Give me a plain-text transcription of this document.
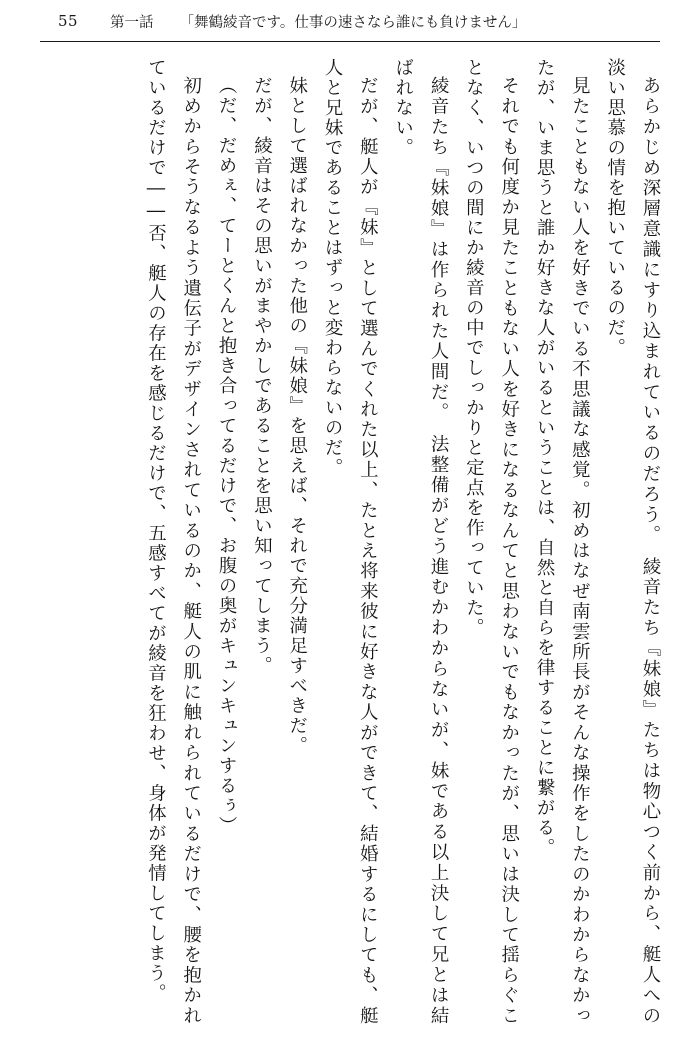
55	第一話 「舞鶴綾音です。仕事の速さなら誰にも負けません」

あらかじめ深層意識にすり込まれているのだろう。　綾音たち『妹娘』たちは物心つく前から、艇人への淡い思慕の情を抱いているのだ。

見たこともない人を好きでいる不思議な感覚。初めはなぜ南雲所長がそんな操作をしたのかわからなかったが、いま思うと誰か好きな人がいるということは、自然と自らを律することに繋がる。

それでも何度か見たこともない人を好きになるなんてと思わないでもなかったが、思いは決して揺らぐことなく、いつの間にか綾音の中でしっかりと定点を作っていた。

綾音たち『妹娘』は作られた人間だ。　法整備がどう進むかわからないが、妹である以上決して兄とは結ばれない。

だが、艇人が『妹』として選んでくれた以上、たとえ将来彼に好きな人ができて、結婚するにしても、艇人と兄妹であることはずっと変わらないのだ。

妹として選ばれなかった他の『妹娘』を思えば、それで充分満足すべきだ。

だが、綾音はその思いがまやかしであることを思い知ってしまう。

（だ、だめぇ、てーとくんと抱き合ってるだけで、お腹の奥がキュンキュンするぅ）

初めからそうなるよう遺伝子がデザインされているのか、艇人の肌に触れられているだけで、腰を抱かれているだけで――否、艇人の存在を感じるだけで、五感すべてが綾音を狂わせ、身体が発情してしまう。
